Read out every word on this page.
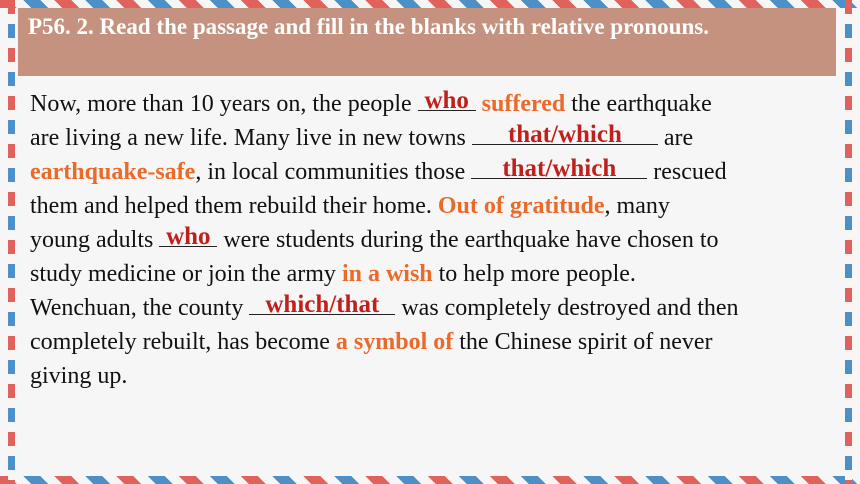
P56. 2. Read the passage and fill in the blanks with relative pronouns.
Now, more than 10 years on, the people who suffered the earthquake
are living a new life. Many live in new towns	that/which	are
earthquake-safe, in local communities those	that/which	rescued
them and helped them rebuild their home. Out of gratitude, many
young adults who were students during the earthquake have chosen to
study medicine or join the army in a wish to help more people.
Wenchuan, the county which/that was completely destroyed and then
completely rebuilt, has become a symbol of the Chinese spirit of never
giving up.
